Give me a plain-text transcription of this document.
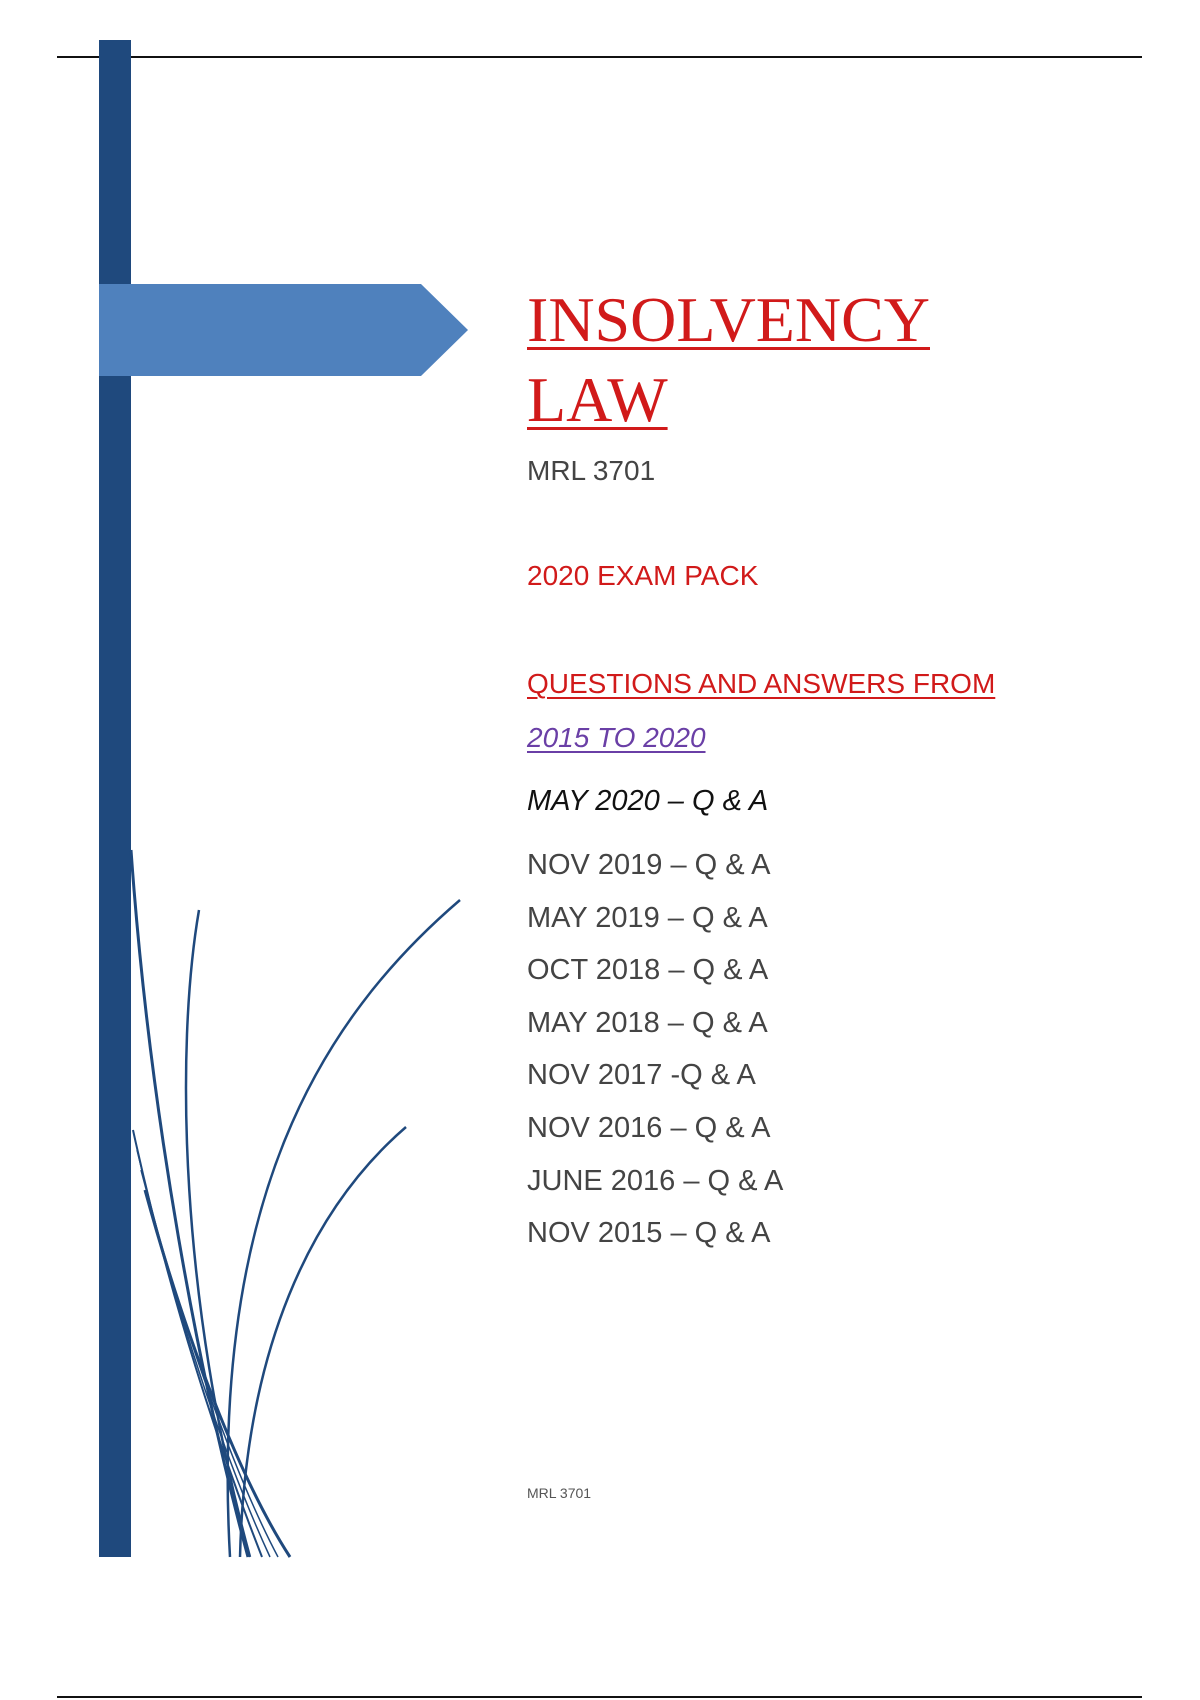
INSOLVENCY LAW
MRL 3701
2020 EXAM PACK
QUESTIONS AND ANSWERS FROM
2015 TO 2020
MAY 2020 – Q & A
NOV 2019 – Q & A
MAY 2019 – Q & A
OCT 2018 – Q & A
MAY 2018 – Q & A
NOV 2017 -Q & A
NOV 2016 – Q & A
JUNE 2016 – Q & A
NOV 2015 – Q & A
MRL 3701
